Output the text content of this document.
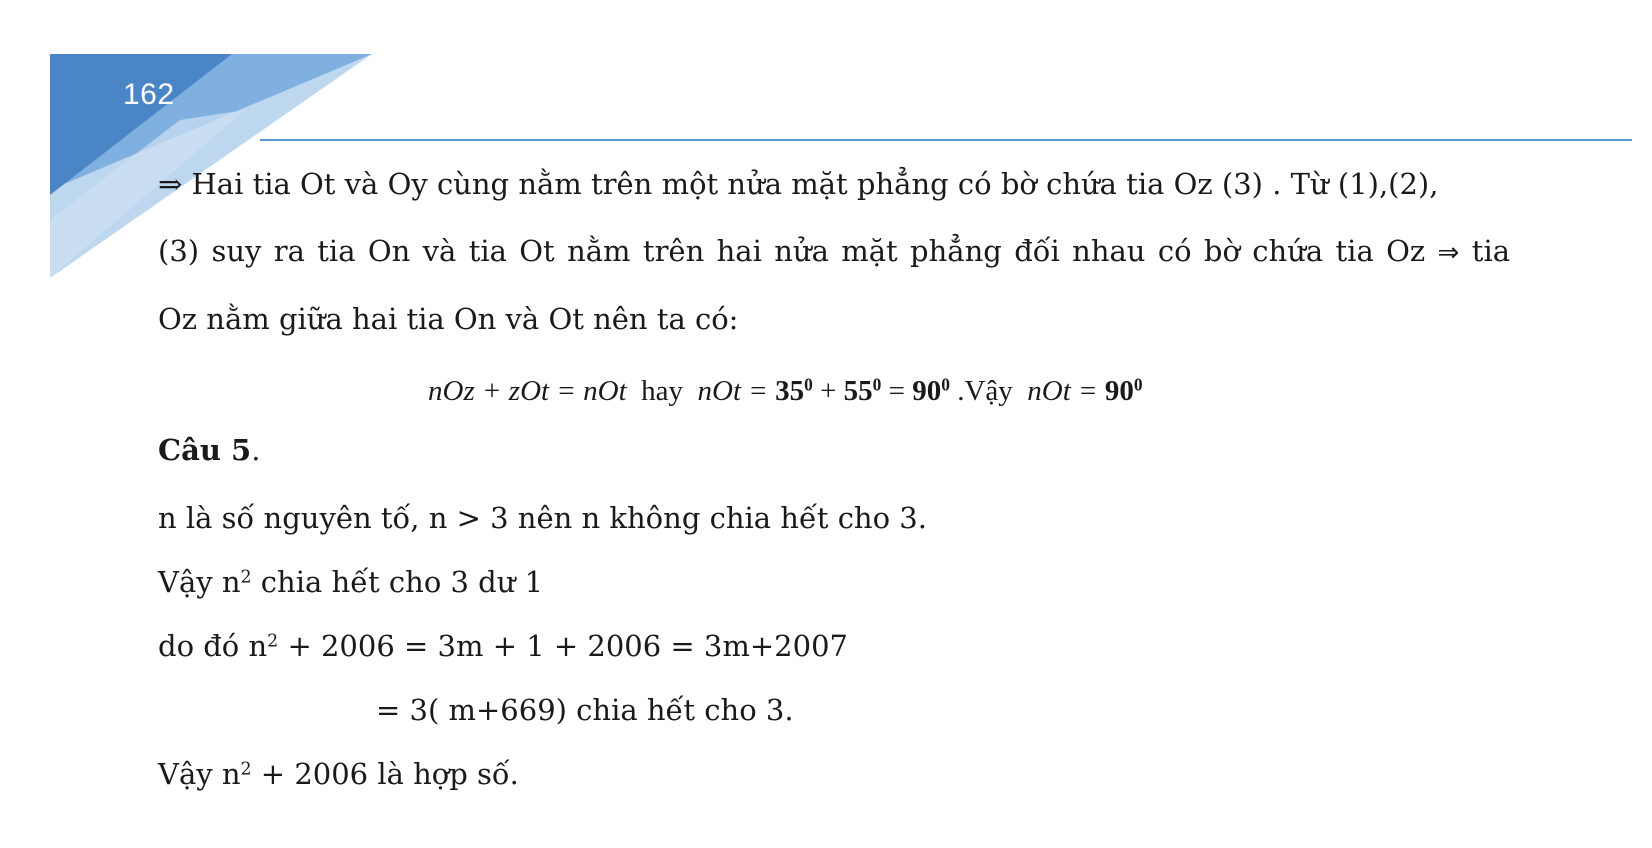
162
⇒ Hai tia Ot và Oy cùng nằm trên một nửa mặt phẳng có bờ chứa tia Oz (3) . Từ (1),(2),
(3) suy ra tia On và tia Ot nằm trên hai nửa mặt phẳng đối nhau có bờ chứa tia Oz ⇒ tia
Oz nằm giữa hai tia On và Ot nên ta có:
nOz + zOt = nOt hay nOt = $35^0 + 55^0 = 90^0$ .Vậy nOt = $90^0$
Câu 5.
n là số nguyên tố, n > 3 nên n không chia hết cho 3.
Vậy $n^2$ chia hết cho 3 dư 1
do đó $n^2 + 2006 = 3m + 1 + 2006 = 3m+2007$
= 3( m+669) chia hết cho 3.
Vậy $n^2 + 2006$ là hợp số.
